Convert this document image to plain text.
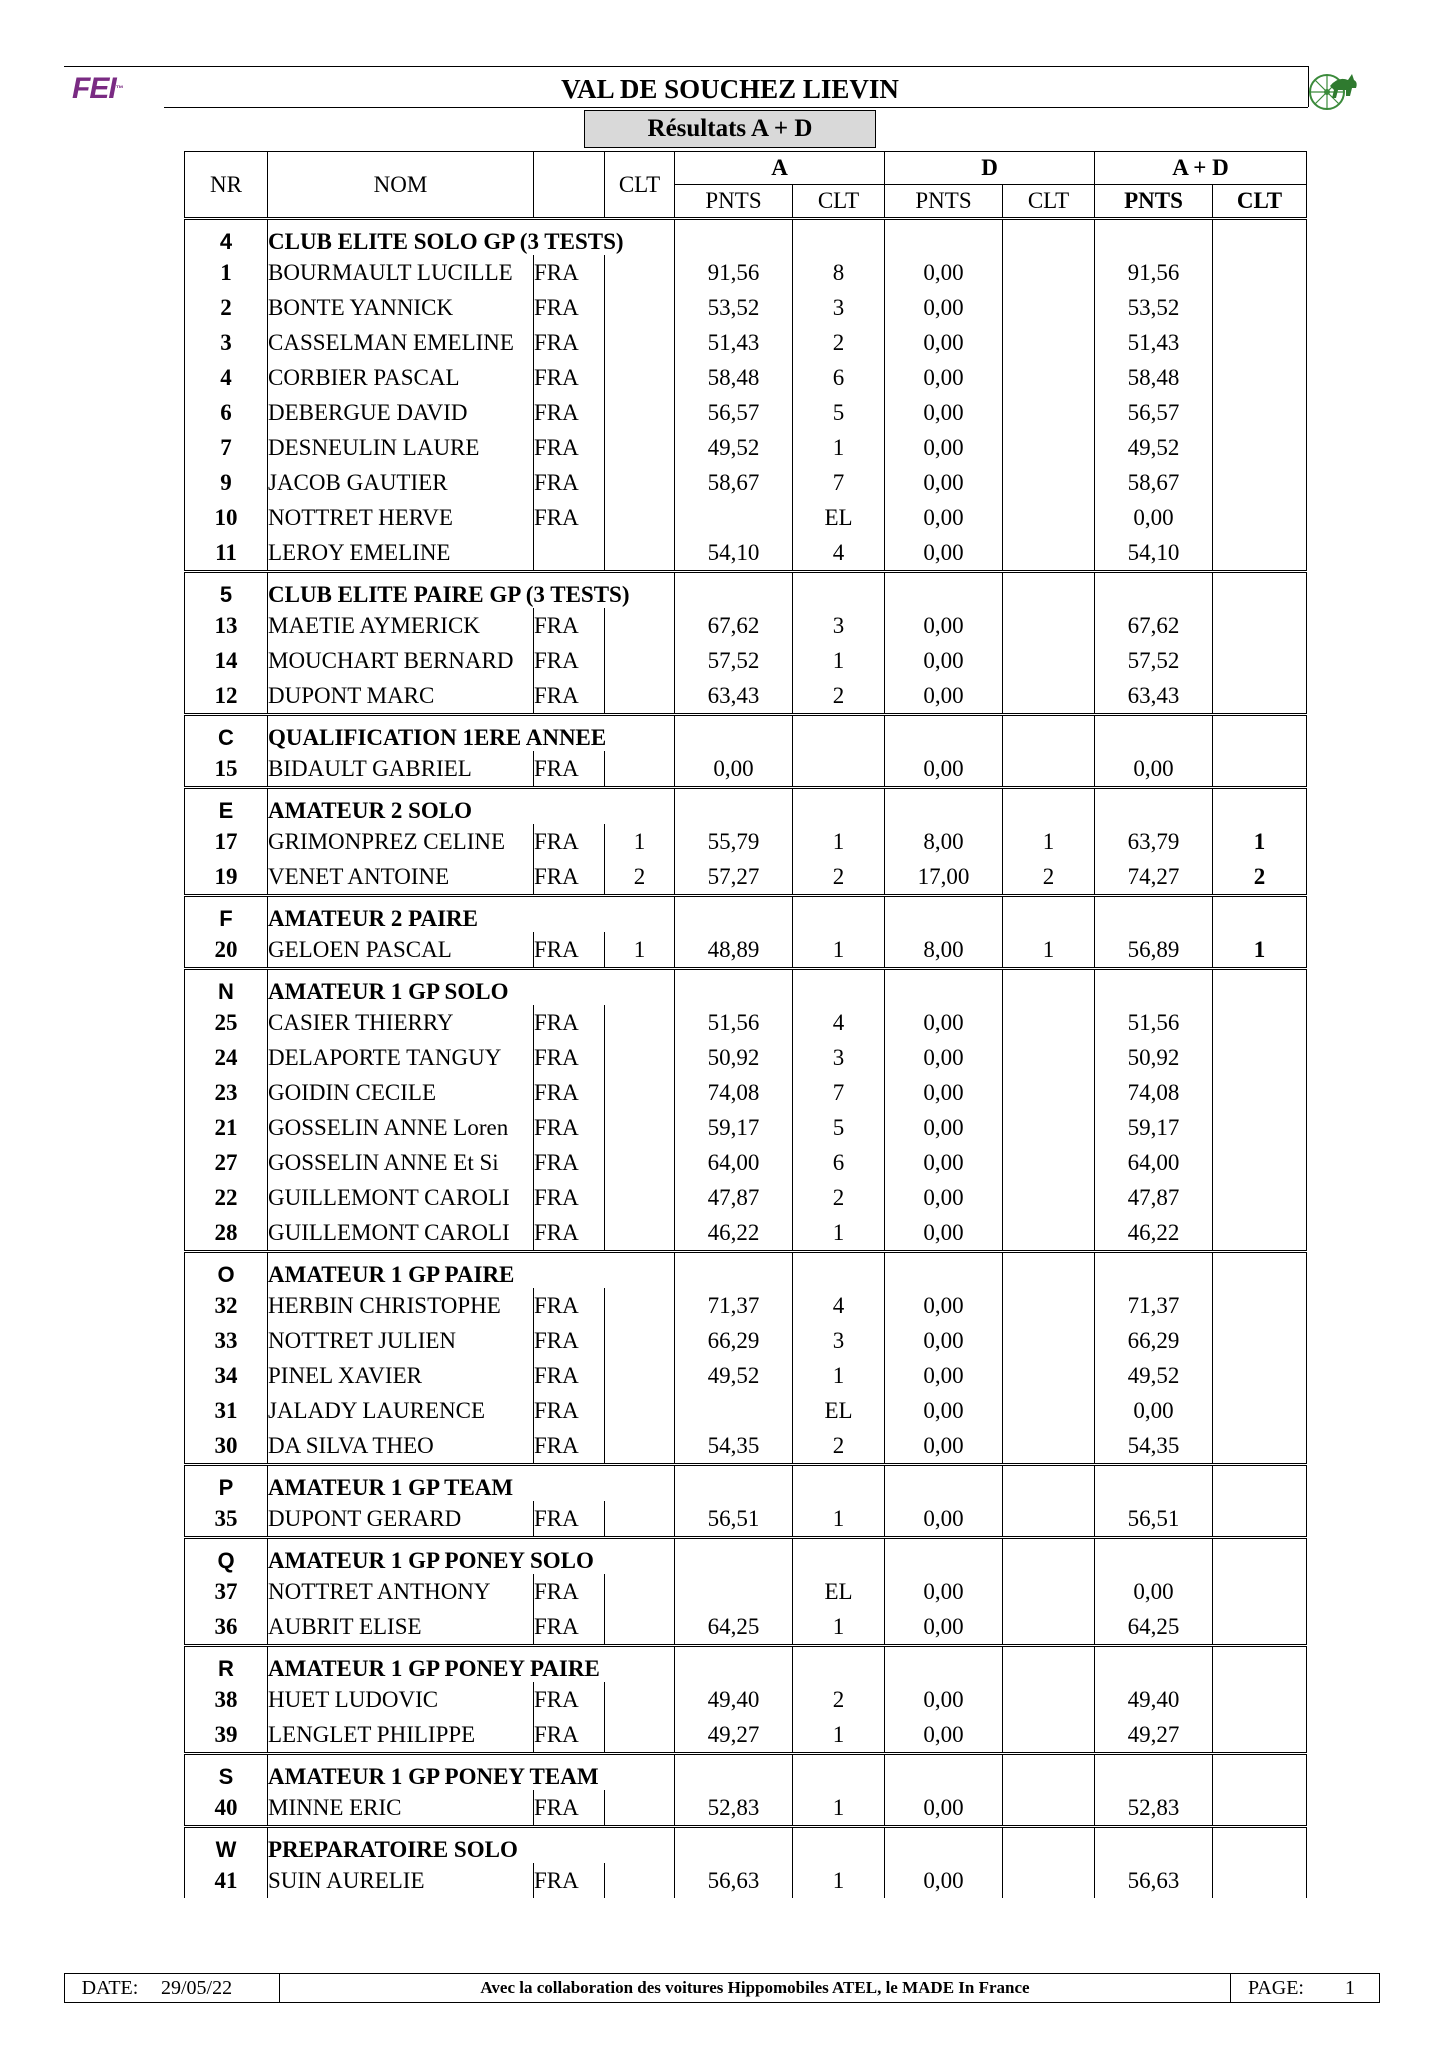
FEI™	VAL DE SOUCHEZ LIEVIN
Résultats A + D
NR	NOM		CLT	A		D		A + D	
				PNTS	CLT	PNTS	CLT	PNTS	CLT
4	CLUB ELITE SOLO GP (3 TESTS)								
1	BOURMAULT LUCILLE	FRA		91,56	8	0,00		91,56	
2	BONTE YANNICK	FRA		53,52	3	0,00		53,52	
3	CASSELMAN EMELINE	FRA		51,43	2	0,00		51,43	
4	CORBIER PASCAL	FRA		58,48	6	0,00		58,48	
6	DEBERGUE DAVID	FRA		56,57	5	0,00		56,57	
7	DESNEULIN LAURE	FRA		49,52	1	0,00		49,52	
9	JACOB GAUTIER	FRA		58,67	7	0,00		58,67	
10	NOTTRET HERVE	FRA			EL	0,00		0,00	
11	LEROY EMELINE			54,10	4	0,00		54,10	
5	CLUB ELITE PAIRE GP (3 TESTS)								
13	MAETIE AYMERICK	FRA		67,62	3	0,00		67,62	
14	MOUCHART BERNARD	FRA		57,52	1	0,00		57,52	
12	DUPONT MARC	FRA		63,43	2	0,00		63,43	
C	QUALIFICATION 1ERE ANNEE								
15	BIDAULT GABRIEL	FRA		0,00		0,00		0,00	
E	AMATEUR 2 SOLO								
17	GRIMONPREZ CELINE	FRA	1	55,79	1	8,00	1	63,79	1
19	VENET ANTOINE	FRA	2	57,27	2	17,00	2	74,27	2
F	AMATEUR 2 PAIRE								
20	GELOEN PASCAL	FRA	1	48,89	1	8,00	1	56,89	1
N	AMATEUR 1 GP SOLO								
25	CASIER THIERRY	FRA		51,56	4	0,00		51,56	
24	DELAPORTE TANGUY	FRA		50,92	3	0,00		50,92	
23	GOIDIN CECILE	FRA		74,08	7	0,00		74,08	
21	GOSSELIN ANNE Loren	FRA		59,17	5	0,00		59,17	
27	GOSSELIN ANNE Et Si	FRA		64,00	6	0,00		64,00	
22	GUILLEMONT CAROLI	FRA		47,87	2	0,00		47,87	
28	GUILLEMONT CAROLI	FRA		46,22	1	0,00		46,22	
O	AMATEUR 1 GP PAIRE								
32	HERBIN CHRISTOPHE	FRA		71,37	4	0,00		71,37	
33	NOTTRET JULIEN	FRA		66,29	3	0,00		66,29	
34	PINEL XAVIER	FRA		49,52	1	0,00		49,52	
31	JALADY LAURENCE	FRA			EL	0,00		0,00	
30	DA SILVA THEO	FRA		54,35	2	0,00		54,35	
P	AMATEUR 1 GP TEAM								
35	DUPONT GERARD	FRA		56,51	1	0,00		56,51	
Q	AMATEUR 1 GP PONEY SOLO								
37	NOTTRET ANTHONY	FRA			EL	0,00		0,00	
36	AUBRIT ELISE	FRA		64,25	1	0,00		64,25	
R	AMATEUR 1 GP PONEY PAIRE								
38	HUET LUDOVIC	FRA		49,40	2	0,00		49,40	
39	LENGLET PHILIPPE	FRA		49,27	1	0,00		49,27	
S	AMATEUR 1 GP PONEY TEAM								
40	MINNE ERIC	FRA		52,83	1	0,00		52,83	
W	PREPARATOIRE SOLO								
41	SUIN AURELIE	FRA		56,63	1	0,00		56,63	
DATE:	29/05/22	Avec la collaboration des voitures Hippomobiles ATEL, le MADE In France	PAGE:	1
